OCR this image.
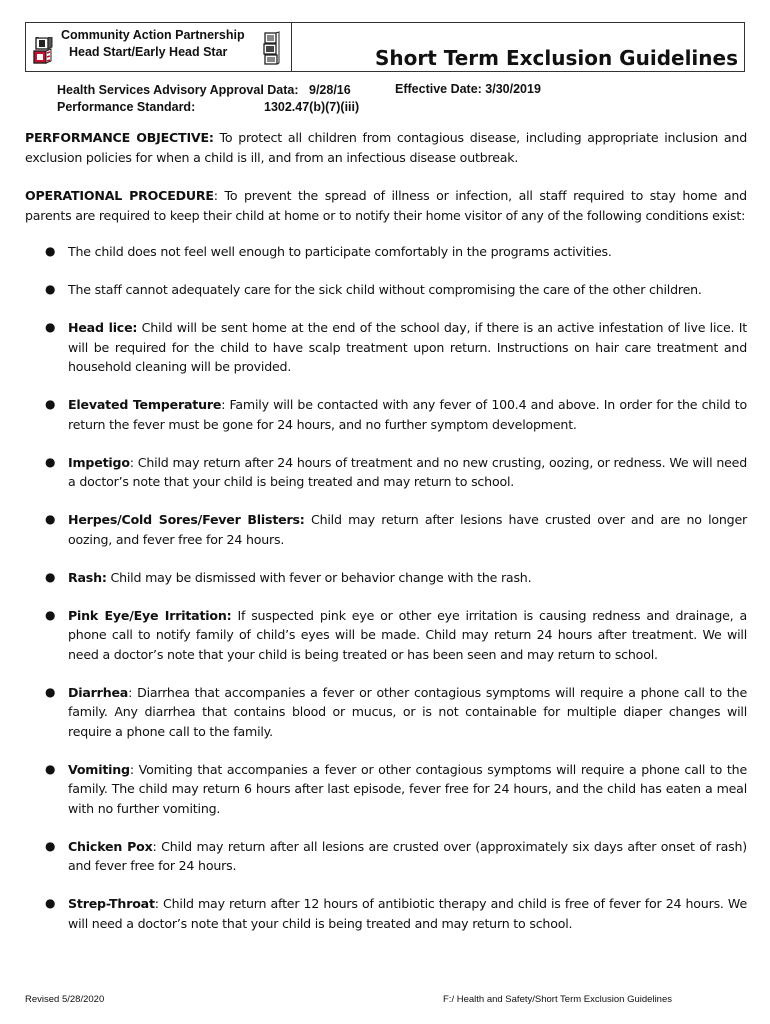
Community Action Partnership
Head Start/Early Head Star	Short Term Exclusion Guidelines
Health Services Advisory Approval Data: 9/28/16
Performance Standard:	1302.47(b)(7)(iii)
Effective Date: 3/30/2019

PERFORMANCE OBJECTIVE: To protect all children from contagious disease, including appropriate inclusion and exclusion policies for when a child is ill, and from an infectious disease outbreak.

OPERATIONAL PROCEDURE: To prevent the spread of illness or infection, all staff required to stay home and parents are required to keep their child at home or to notify their home visitor of any of the following conditions exist:

● The child does not feel well enough to participate comfortably in the programs activities.
● The staff cannot adequately care for the sick child without compromising the care of the other children.
● Head lice: Child will be sent home at the end of the school day, if there is an active infestation of live lice. It will be required for the child to have scalp treatment upon return. Instructions on hair care treatment and household cleaning will be provided.
● Elevated Temperature: Family will be contacted with any fever of 100.4 and above. In order for the child to return the fever must be gone for 24 hours, and no further symptom development.
● Impetigo: Child may return after 24 hours of treatment and no new crusting, oozing, or redness. We will need a doctor’s note that your child is being treated and may return to school.
● Herpes/Cold Sores/Fever Blisters: Child may return after lesions have crusted over and are no longer oozing, and fever free for 24 hours.
● Rash: Child may be dismissed with fever or behavior change with the rash.
● Pink Eye/Eye Irritation: If suspected pink eye or other eye irritation is causing redness and drainage, a phone call to notify family of child’s eyes will be made. Child may return 24 hours after treatment. We will need a doctor’s note that your child is being treated or has been seen and may return to school.
● Diarrhea: Diarrhea that accompanies a fever or other contagious symptoms will require a phone call to the family. Any diarrhea that contains blood or mucus, or is not containable for multiple diaper changes will require a phone call to the family.
● Vomiting: Vomiting that accompanies a fever or other contagious symptoms will require a phone call to the family. The child may return 6 hours after last episode, fever free for 24 hours, and the child has eaten a meal with no further vomiting.
● Chicken Pox: Child may return after all lesions are crusted over (approximately six days after onset of rash) and fever free for 24 hours.
● Strep-Throat: Child may return after 12 hours of antibiotic therapy and child is free of fever for 24 hours. We will need a doctor’s note that your child is being treated and may return to school.
Revised 5/28/2020	F:/ Health and Safety/Short Term Exclusion Guidelines
